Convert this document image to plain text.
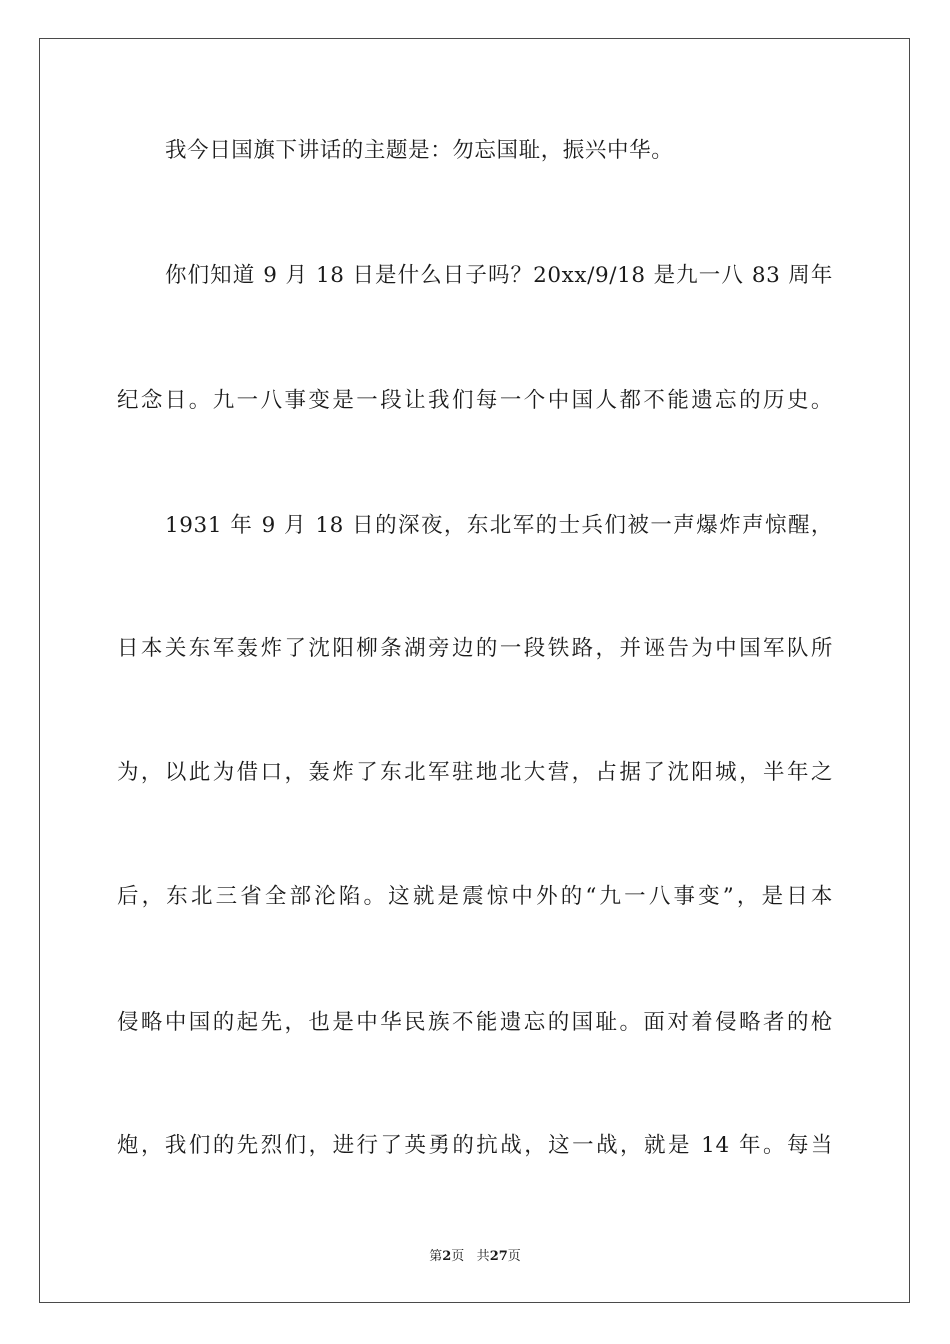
我今日国旗下讲话的主题是：勿忘国耻，振兴中华。
你们知道 9 月 18 日是什么日子吗？20xx/9/18 是九一八 83 周年
纪念日。九一八事变是一段让我们每一个中国人都不能遗忘的历史。
1931 年 9 月 18 日的深夜，东北军的士兵们被一声爆炸声惊醒，
日本关东军轰炸了沈阳柳条湖旁边的一段铁路，并诬告为中国军队所
为，以此为借口，轰炸了东北军驻地北大营，占据了沈阳城，半年之
后，东北三省全部沦陷。这就是震惊中外的“九一八事变”，是日本
侵略中国的起先，也是中华民族不能遗忘的国耻。面对着侵略者的枪
炮，我们的先烈们，进行了英勇的抗战，这一战，就是 14 年。每当
第2页 共27页
